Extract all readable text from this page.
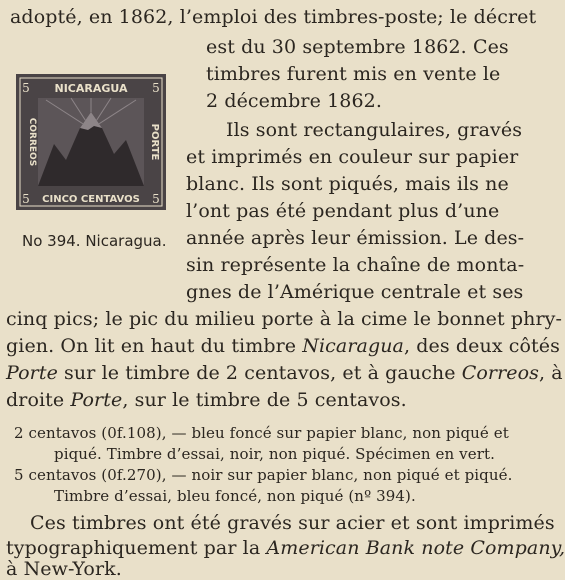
NICARAGUA
CINCO CENTAVOS
CORREOS	PORTE
5	5
5	5
No 394. Nicaragua.
adopté, en 1862, l’emploi des timbres-poste; le décret
est du 30 septembre 1862. Ces
timbres furent mis en vente le
2 décembre 1862.
Ils sont rectangulaires, gravés
et imprimés en couleur sur papier
blanc. Ils sont piqués, mais ils ne
l’ont pas été pendant plus d’une
année après leur émission. Le des-
sin représente la chaîne de monta-
gnes de l’Amérique centrale et ses
cinq pics; le pic du milieu porte à la cime le bonnet phry-
gien. On lit en haut du timbre Nicaragua, des deux côtés
Porte sur le timbre de 2 centavos, et à gauche Correos, à
droite Porte, sur le timbre de 5 centavos.
2 centavos (0f.108), — bleu foncé sur papier blanc, non piqué et
piqué. Timbre d’essai, noir, non piqué. Spécimen en vert.
5 centavos (0f.270), — noir sur papier blanc, non piqué et piqué.
Timbre d’essai, bleu foncé, non piqué (nº 394).
Ces timbres ont été gravés sur acier et sont imprimés
typographiquement par la American Bank note Company,
à New-York.
